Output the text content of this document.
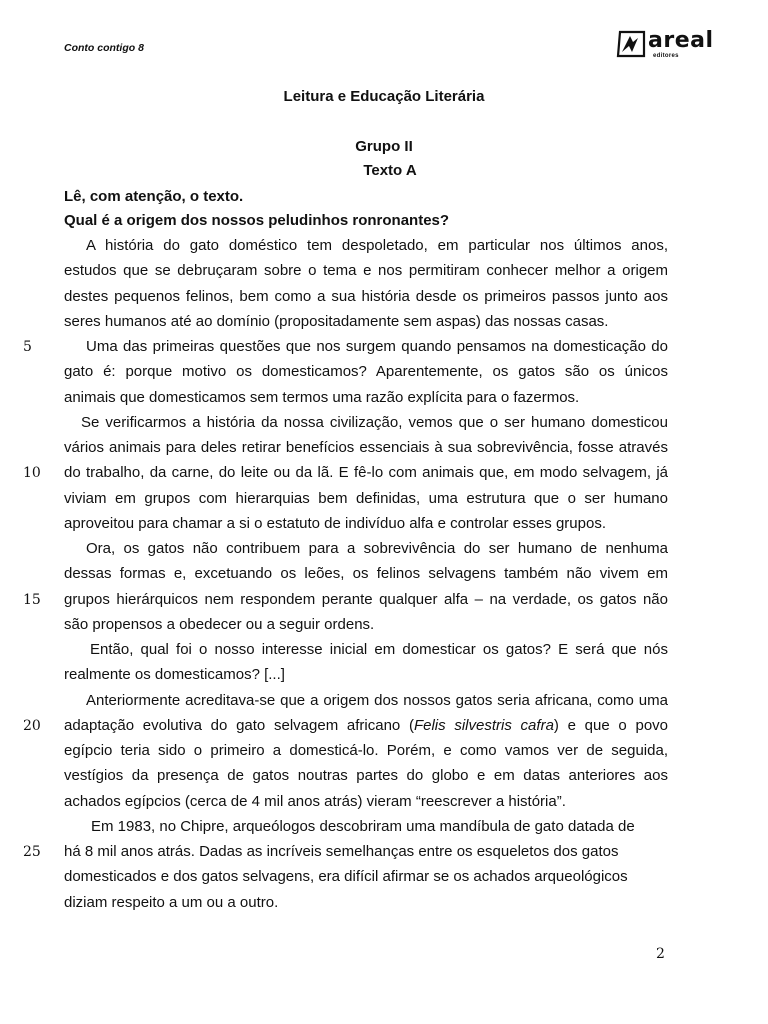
Conto contigo 8	areal
editores
Leitura e Educação Literária
Grupo II
Texto A
Lê, com atenção, o texto.
Qual é a origem dos nossos peludinhos ronronantes?
A história do gato doméstico tem despoletado, em particular nos últimos anos,
estudos que se debruçaram sobre o tema e nos permitiram conhecer melhor a origem
destes pequenos felinos, bem como a sua história desde os primeiros passos junto aos
seres humanos até ao domínio (propositadamente sem aspas) das nossas casas.
Uma das primeiras questões que nos surgem quando pensamos na domesticação do
gato é: porque motivo os domesticamos? Aparentemente, os gatos são os únicos
animais que domesticamos sem termos uma razão explícita para o fazermos.
Se verificarmos a história da nossa civilização, vemos que o ser humano domesticou
vários animais para deles retirar benefícios essenciais à sua sobrevivência, fosse através
do trabalho, da carne, do leite ou da lã. E fê-lo com animais que, em modo selvagem, já
viviam em grupos com hierarquias bem definidas, uma estrutura que o ser humano
aproveitou para chamar a si o estatuto de indivíduo alfa e controlar esses grupos.
Ora, os gatos não contribuem para a sobrevivência do ser humano de nenhuma
dessas formas e, excetuando os leões, os felinos selvagens também não vivem em
grupos hierárquicos nem respondem perante qualquer alfa – na verdade, os gatos não
são propensos a obedecer ou a seguir ordens.
Então, qual foi o nosso interesse inicial em domesticar os gatos? E será que nós
realmente os domesticamos? [...]
Anteriormente acreditava-se que a origem dos nossos gatos seria africana, como uma
adaptação evolutiva do gato selvagem africano (Felis silvestris cafra) e que o povo
egípcio teria sido o primeiro a domesticá-lo. Porém, e como vamos ver de seguida,
vestígios da presença de gatos noutras partes do globo e em datas anteriores aos
achados egípcios (cerca de 4 mil anos atrás) vieram “reescrever a história”.
Em 1983, no Chipre, arqueólogos descobriram uma mandíbula de gato datada de
há 8 mil anos atrás. Dadas as incríveis semelhanças entre os esqueletos dos gatos
domesticados e dos gatos selvagens, era difícil afirmar se os achados arqueológicos
diziam respeito a um ou a outro.
5
10
15
20
25
2
